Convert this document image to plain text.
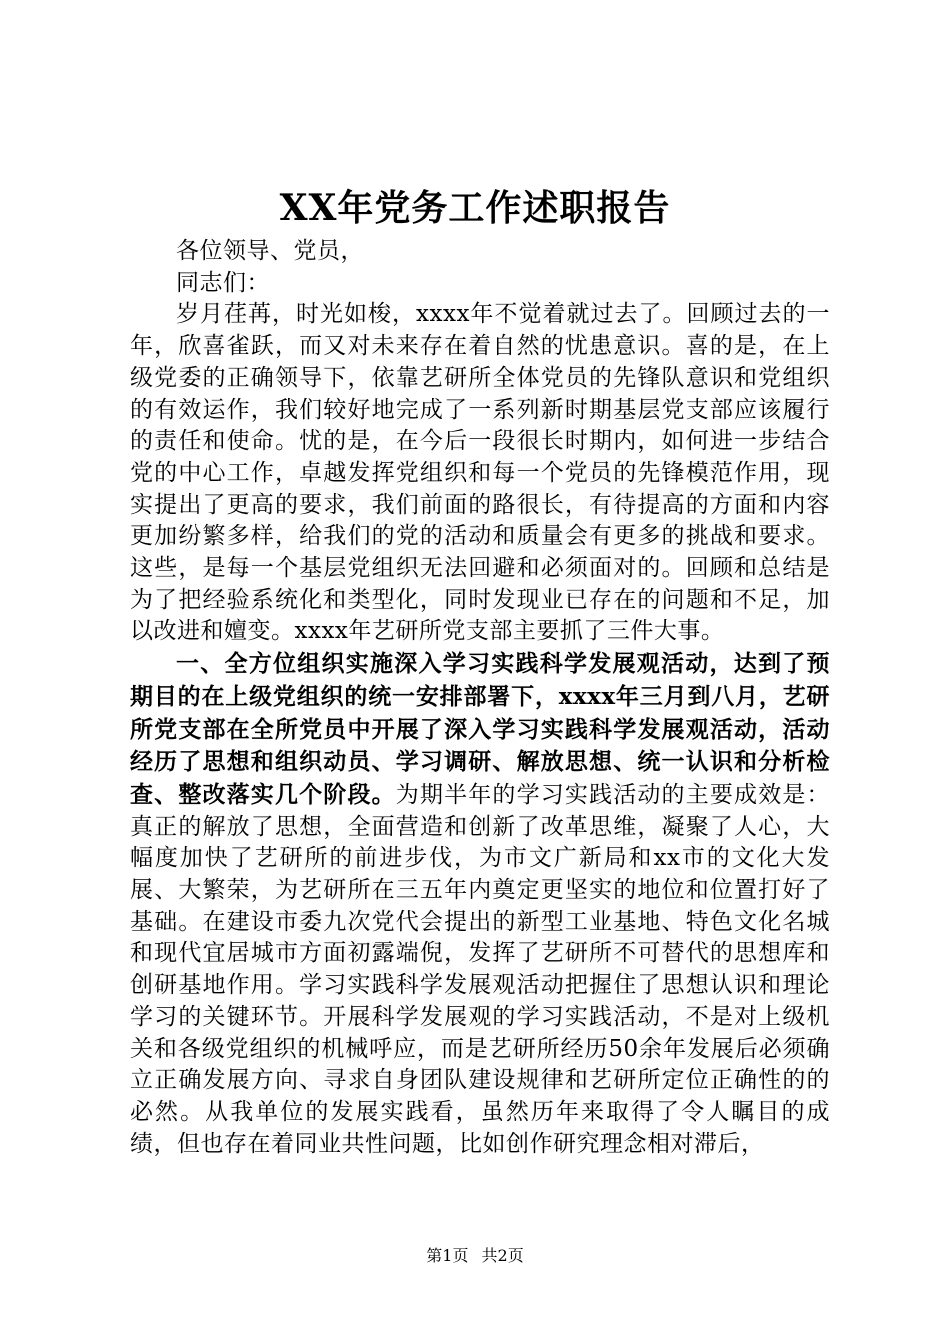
XX年党务工作述职报告

各位领导、党员，

同志们：

岁月荏苒，时光如梭，xxxx年不觉着就过去了。回顾过去的一年，欣喜雀跃，而又对未来存在着自然的忧患意识。喜的是，在上级党委的正确领导下，依靠艺研所全体党员的先锋队意识和党组织的有效运作，我们较好地完成了一系列新时期基层党支部应该履行的责任和使命。忧的是，在今后一段很长时期内，如何进一步结合党的中心工作，卓越发挥党组织和每一个党员的先锋模范作用，现实提出了更高的要求，我们前面的路很长，有待提高的方面和内容更加纷繁多样，给我们的党的活动和质量会有更多的挑战和要求。这些，是每一个基层党组织无法回避和必须面对的。回顾和总结是为了把经验系统化和类型化，同时发现业已存在的问题和不足，加以改进和嬗变。xxxx年艺研所党支部主要抓了三件大事。

一、全方位组织实施深入学习实践科学发展观活动，达到了预期目的在上级党组织的统一安排部署下，xxxx年三月到八月，艺研所党支部在全所党员中开展了深入学习实践科学发展观活动，活动经历了思想和组织动员、学习调研、解放思想、统一认识和分析检查、整改落实几个阶段。为期半年的学习实践活动的主要成效是：真正的解放了思想，全面营造和创新了改革思维，凝聚了人心，大幅度加快了艺研所的前进步伐，为市文广新局和xx市的文化大发展、大繁荣，为艺研所在三五年内奠定更坚实的地位和位置打好了基础。在建设市委九次党代会提出的新型工业基地、特色文化名城和现代宜居城市方面初露端倪，发挥了艺研所不可替代的思想库和创研基地作用。学习实践科学发展观活动把握住了思想认识和理论学习的关键环节。开展科学发展观的学习实践活动，不是对上级机关和各级党组织的机械呼应，而是艺研所经历50余年发展后必须确立正确发展方向、寻求自身团队建设规律和艺研所定位正确性的的必然。从我单位的发展实践看，虽然历年来取得了令人瞩目的成绩，但也存在着同业共性问题，比如创作研究理念相对滞后，

第1页 共2页
